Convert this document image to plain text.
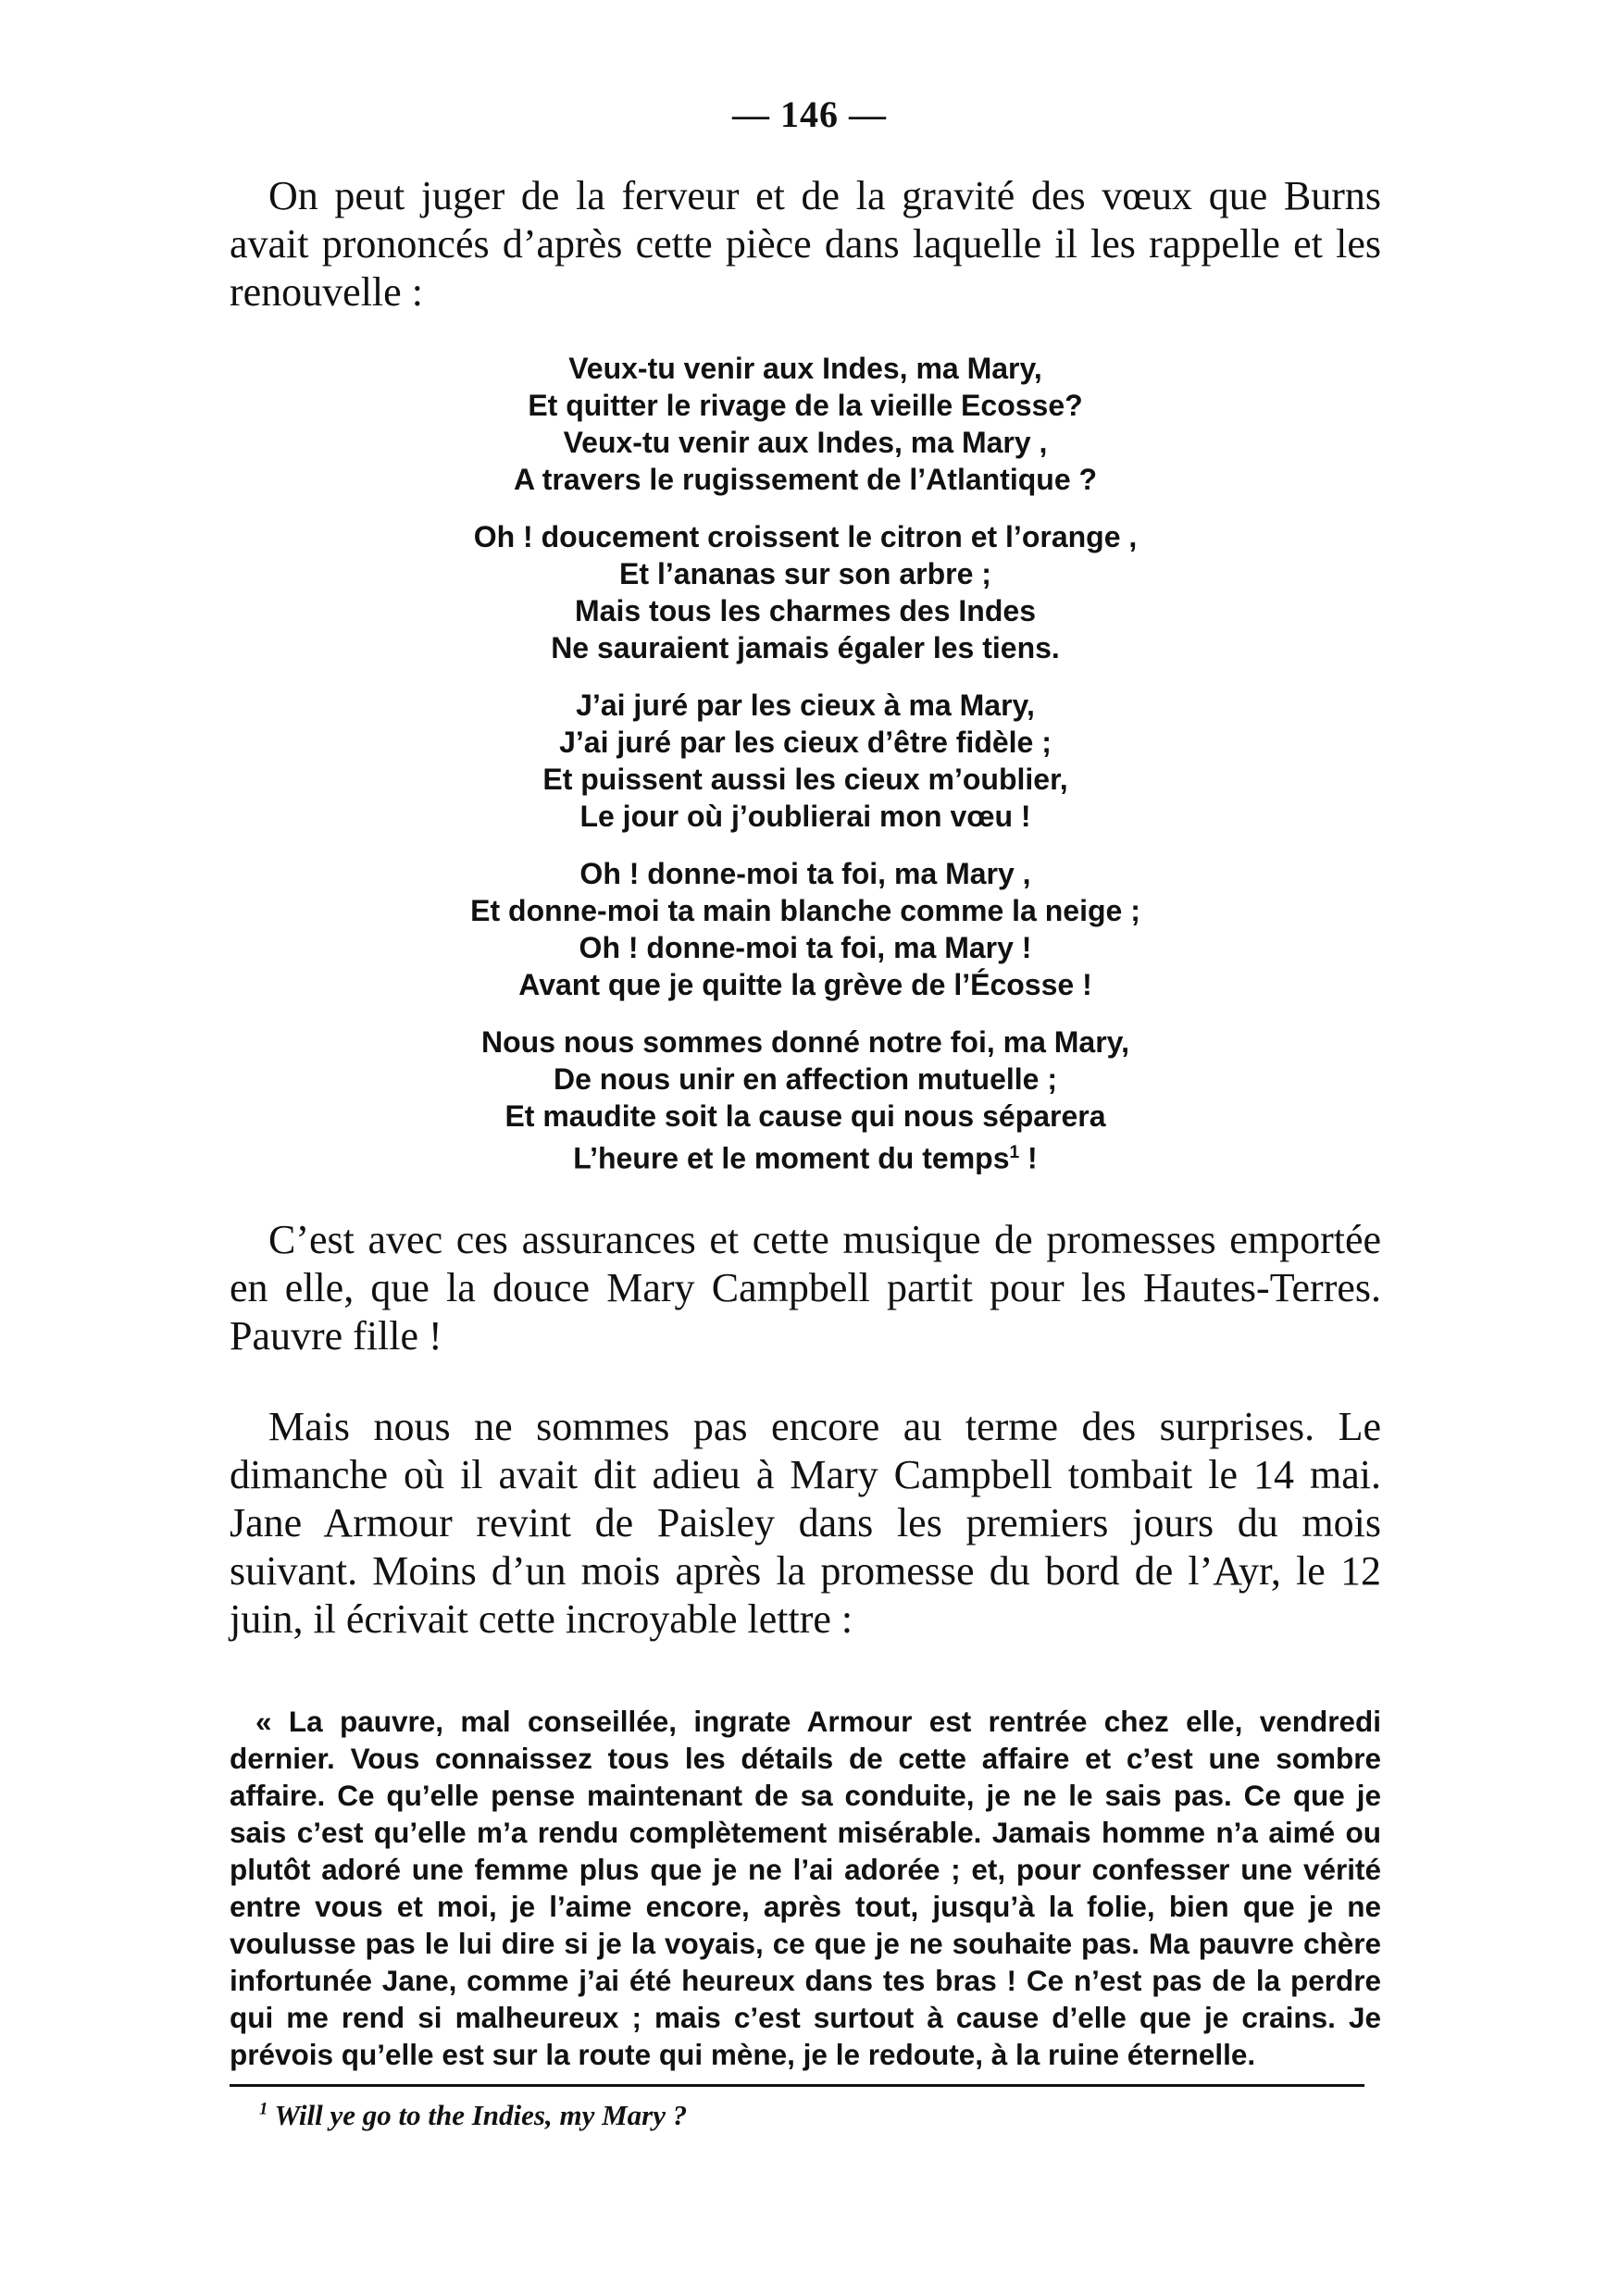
— 146 —

On peut juger de la ferveur et de la gravité des vœux que Burns avait prononcés d’après cette pièce dans laquelle il les rappelle et les renouvelle :

Veux-tu venir aux Indes, ma Mary,
Et quitter le rivage de la vieille Ecosse?
Veux-tu venir aux Indes, ma Mary ,
A travers le rugissement de l’Atlantique ?
Oh ! doucement croissent le citron et l’orange ,
Et l’ananas sur son arbre ;
Mais tous les charmes des Indes
Ne sauraient jamais égaler les tiens.
J’ai juré par les cieux à ma Mary,
J’ai juré par les cieux d’être fidèle ;
Et puissent aussi les cieux m’oublier,
Le jour où j’oublierai mon vœu !
Oh ! donne-moi ta foi, ma Mary ,
Et donne-moi ta main blanche comme la neige ;
Oh ! donne-moi ta foi, ma Mary !
Avant que je quitte la grève de l’Écosse !
Nous nous sommes donné notre foi, ma Mary,
De nous unir en affection mutuelle ;
Et maudite soit la cause qui nous séparera
L’heure et le moment du temps$^1$ !

C’est avec ces assurances et cette musique de promesses emportée en elle, que la douce Mary Campbell partit pour les Hautes-Terres. Pauvre fille !

Mais nous ne sommes pas encore au terme des surprises. Le dimanche où il avait dit adieu à Mary Campbell tombait le 14 mai. Jane Armour revint de Paisley dans les premiers jours du mois suivant. Moins d’un mois après la promesse du bord de l’Ayr, le 12 juin, il écrivait cette incroyable lettre :

« La pauvre, mal conseillée, ingrate Armour est rentrée chez elle, vendredi dernier. Vous connaissez tous les détails de cette affaire et c’est une sombre affaire. Ce qu’elle pense maintenant de sa conduite, je ne le sais pas. Ce que je sais c’est qu’elle m’a rendu complètement misérable. Jamais homme n’a aimé ou plutôt adoré une femme plus que je ne l’ai adorée ; et, pour confesser une vérité entre vous et moi, je l’aime encore, après tout, jusqu’à la folie, bien que je ne voulusse pas le lui dire si je la voyais, ce que je ne souhaite pas. Ma pauvre chère infortunée Jane, comme j’ai été heureux dans tes bras ! Ce n’est pas de la perdre qui me rend si malheureux ; mais c’est surtout à cause d’elle que je crains. Je prévois qu’elle est sur la route qui mène, je le redoute, à la ruine éternelle.

$^1$ Will ye go to the Indies, my Mary ?
